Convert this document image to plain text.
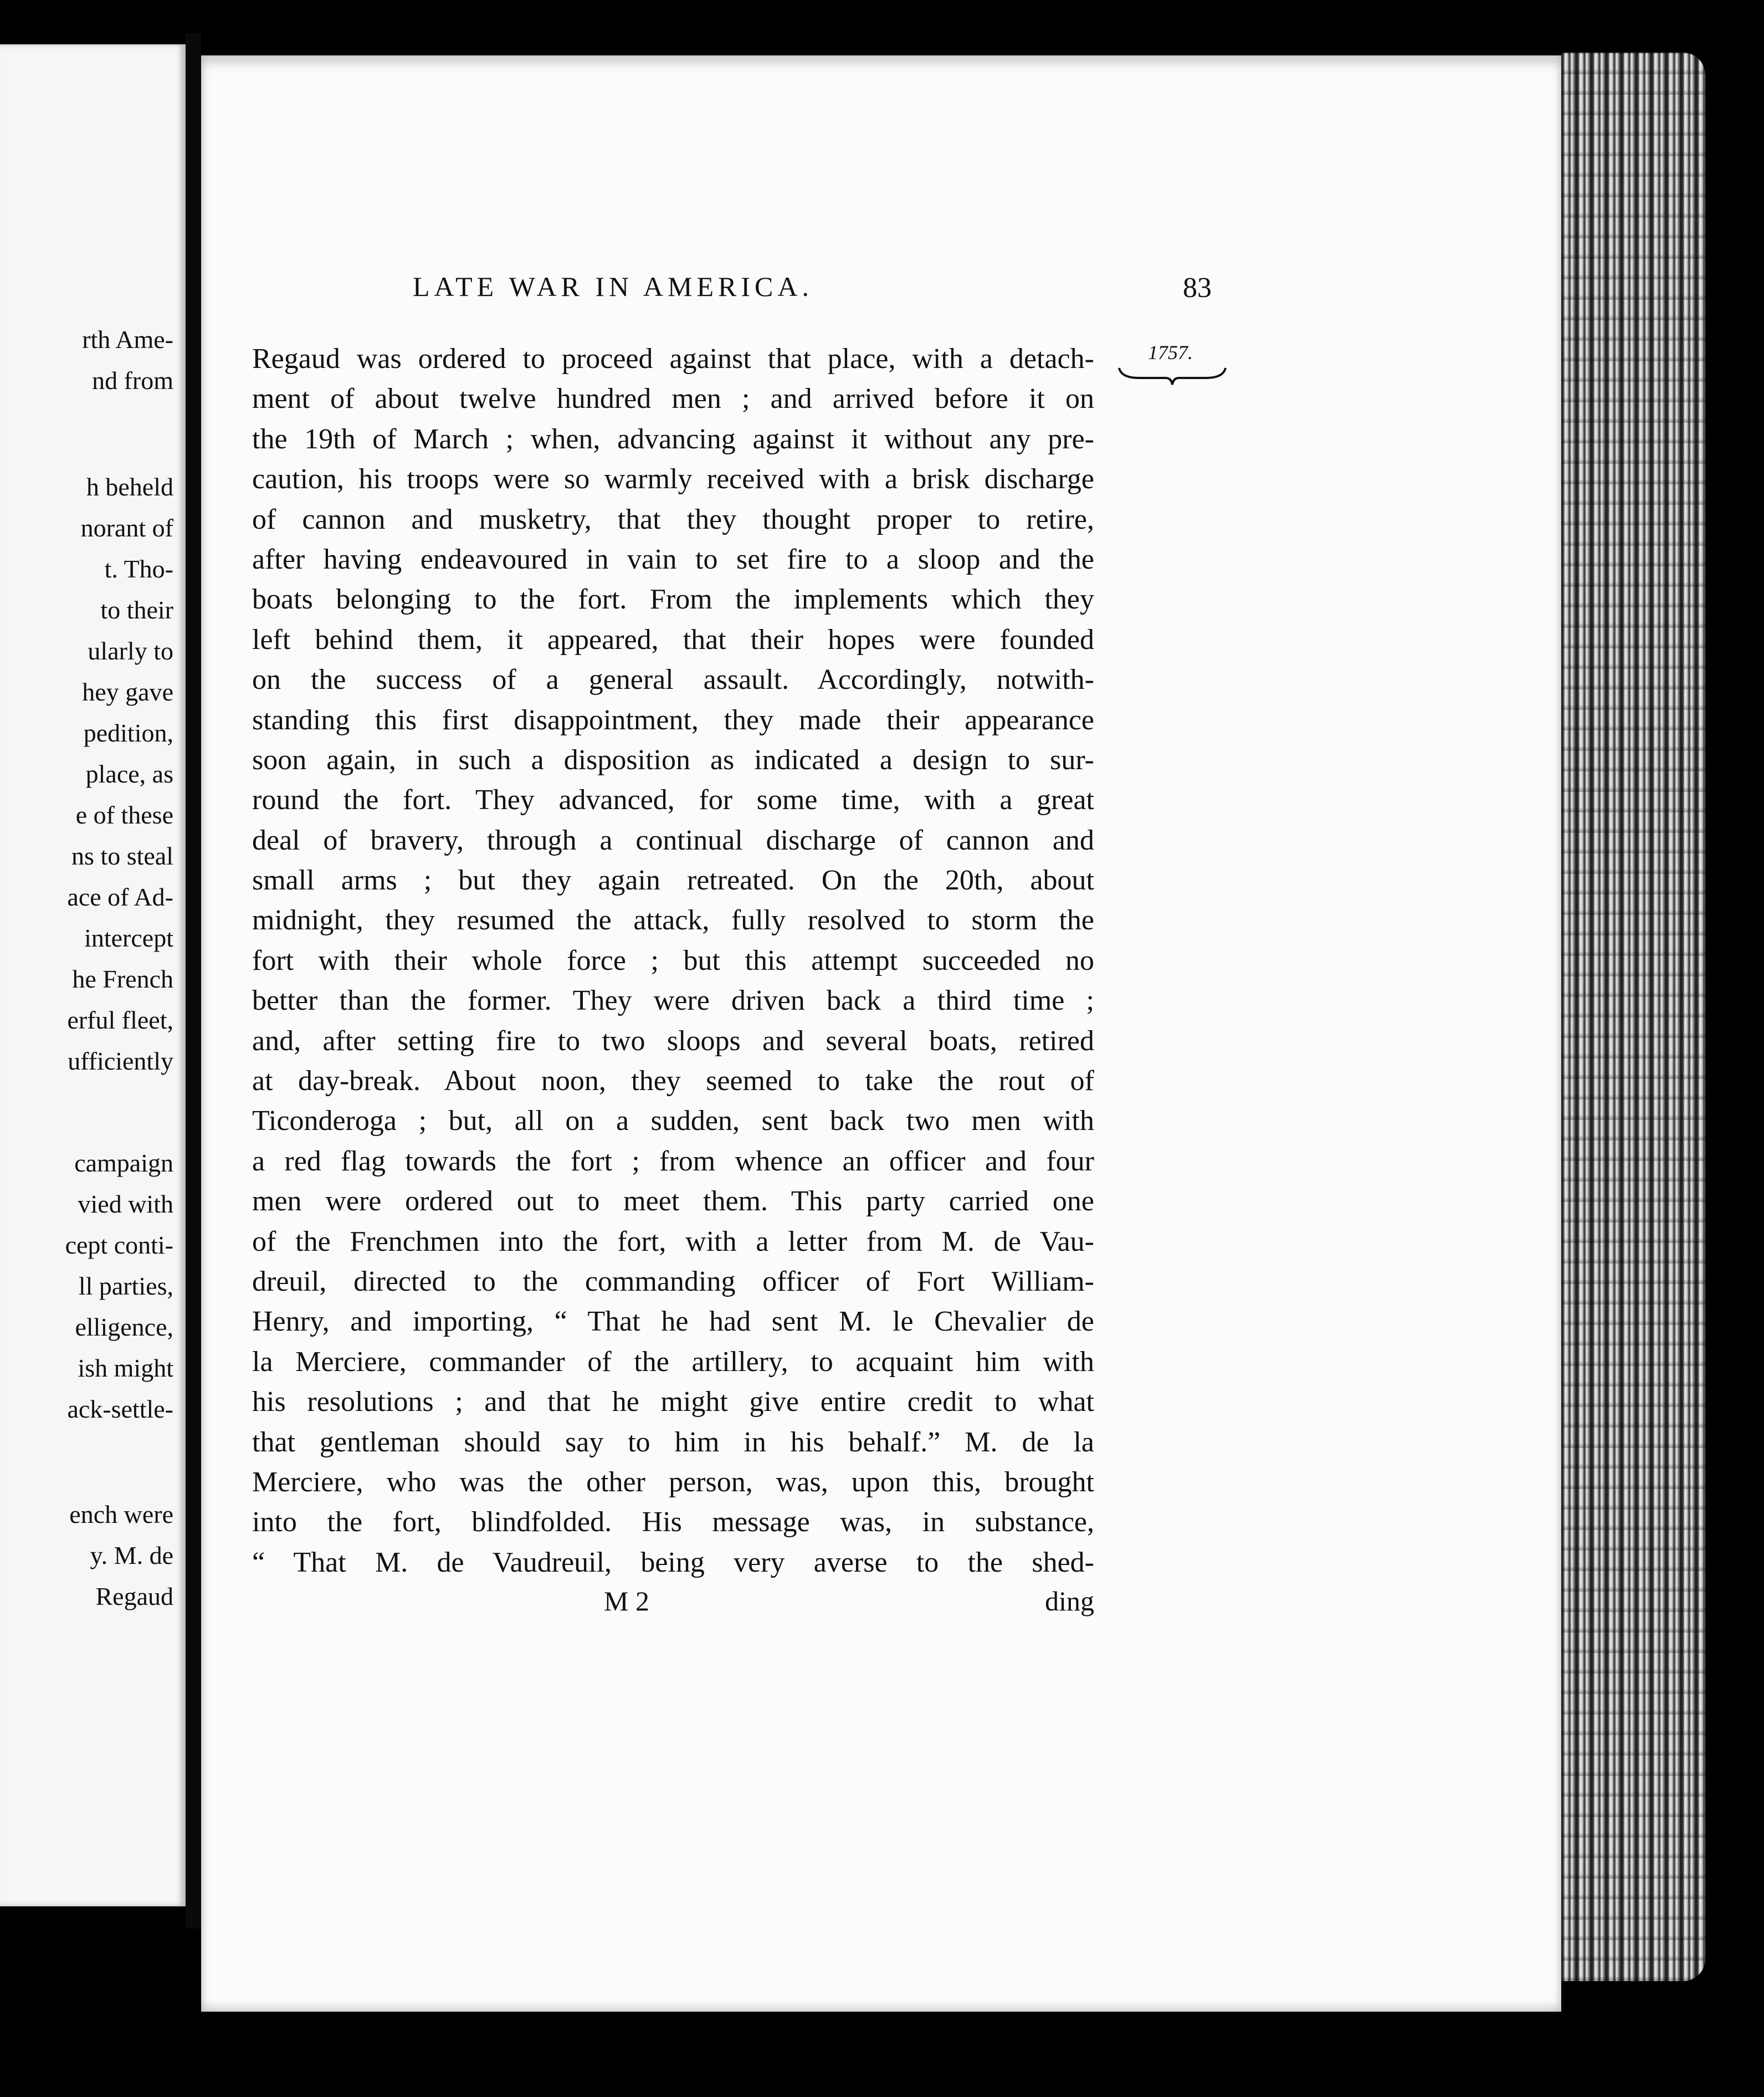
rth Ame-
nd from
h beheld
norant of
t. Tho-
to their
ularly to
hey gave
pedition,
place, as
e of these
ns to steal
ace of Ad-
intercept
he French
erful fleet,
ufficiently
campaign
vied with
cept conti-
ll parties,
elligence,
ish might
ack-settle-
ench were
y. M. de
Regaud
LATE WAR IN AMERICA.	83
1757.
Regaud was ordered to proceed against that place, with a detach-
ment of about twelve hundred men ; and arrived before it on
the 19th of March ; when, advancing against it without any pre-
caution, his troops were so warmly received with a brisk discharge
of cannon and musketry, that they thought proper to retire,
after having endeavoured in vain to set fire to a sloop and the
boats belonging to the fort. From the implements which they
left behind them, it appeared, that their hopes were founded
on the success of a general assault. Accordingly, notwith-
standing this first disappointment, they made their appearance
soon again, in such a disposition as indicated a design to sur-
round the fort. They advanced, for some time, with a great
deal of bravery, through a continual discharge of cannon and
small arms ; but they again retreated. On the 20th, about
midnight, they resumed the attack, fully resolved to storm the
fort with their whole force ; but this attempt succeeded no
better than the former. They were driven back a third time ;
and, after setting fire to two sloops and several boats, retired
at day-break. About noon, they seemed to take the rout of
Ticonderoga ; but, all on a sudden, sent back two men with
a red flag towards the fort ; from whence an officer and four
men were ordered out to meet them. This party carried one
of the Frenchmen into the fort, with a letter from M. de Vau-
dreuil, directed to the commanding officer of Fort William-
Henry, and importing, “ That he had sent M. le Chevalier de
la Merciere, commander of the artillery, to acquaint him with
his resolutions ; and that he might give entire credit to what
that gentleman should say to him in his behalf.” M. de la
Merciere, who was the other person, was, upon this, brought
into the fort, blindfolded. His message was, in substance,
“ That M. de Vaudreuil, being very averse to the shed-
M 2	ding
